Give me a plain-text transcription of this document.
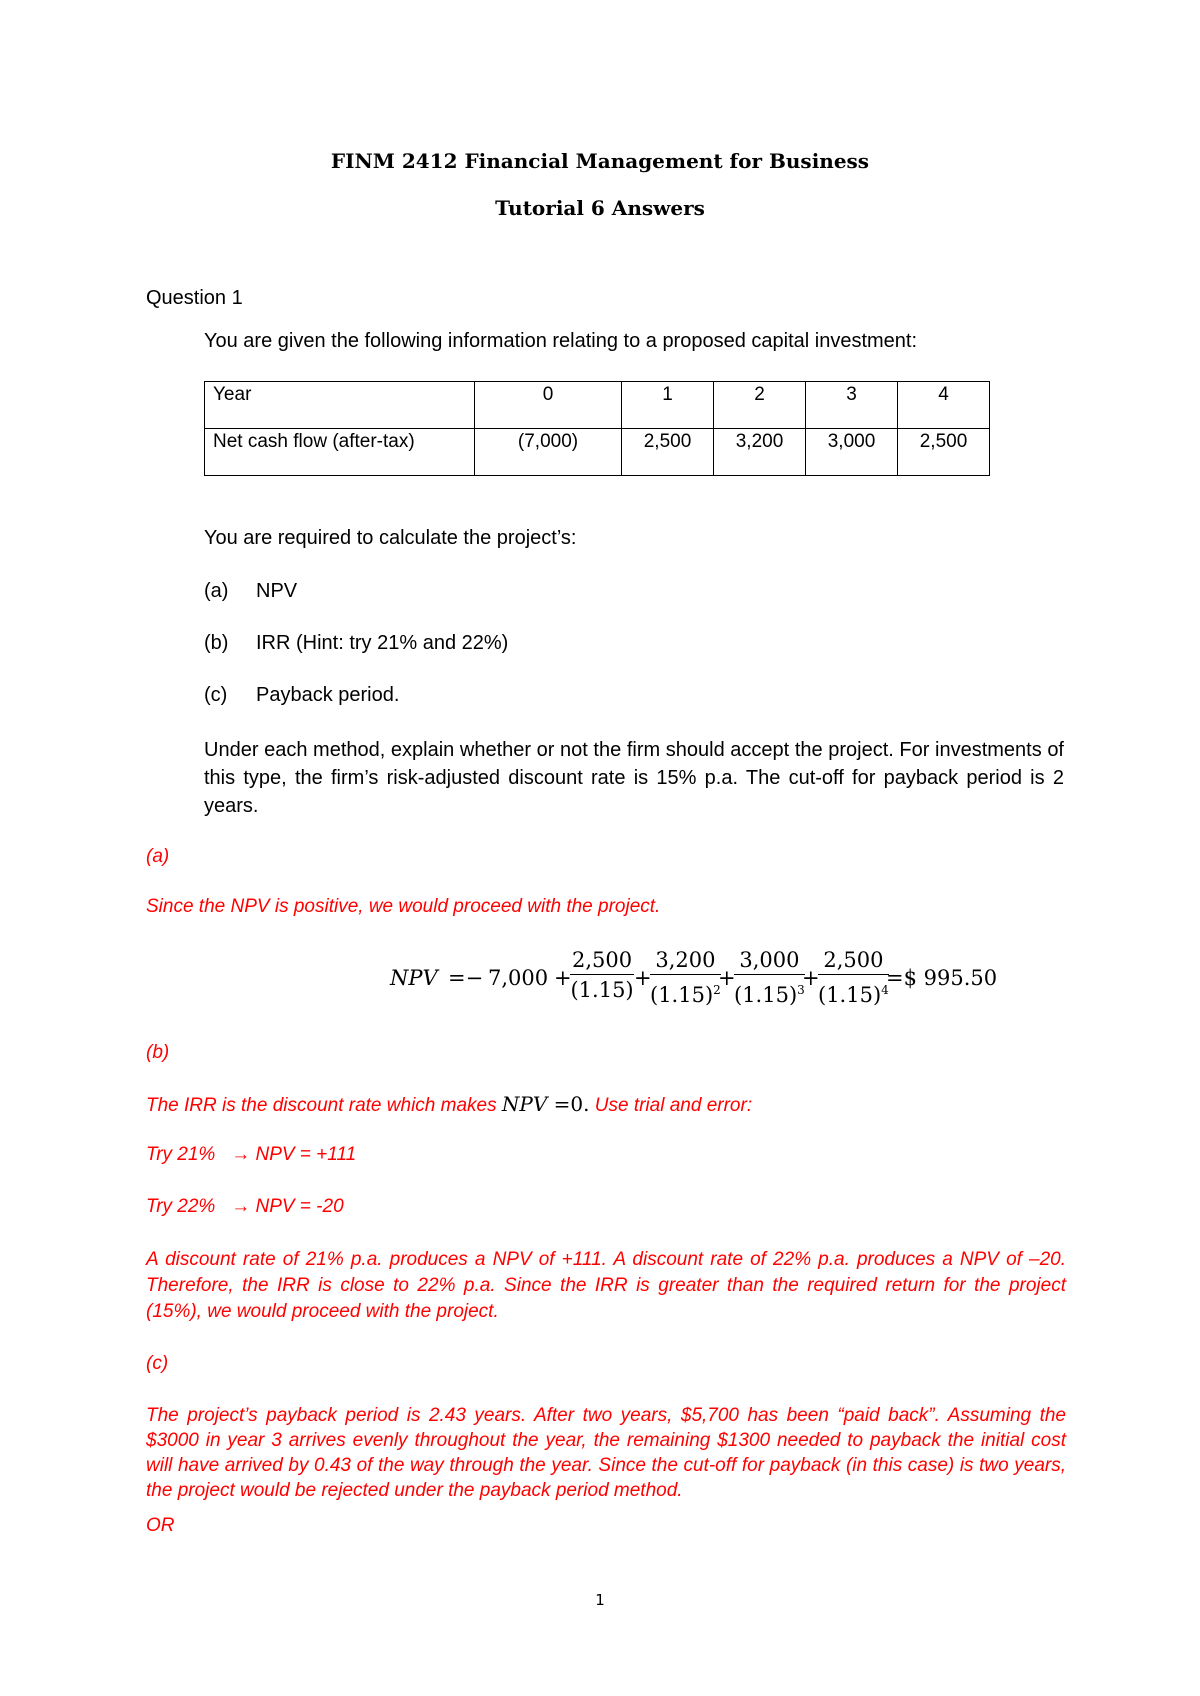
FINM 2412 Financial Management for Business
Tutorial 6 Answers
Question 1
You are given the following information relating to a proposed capital investment:
Year	0	1	2	3	4
Net cash flow (after-tax)	(7,000)	2,500	3,200	3,000	2,500
You are required to calculate the project’s:
(a) NPV
(b) IRR (Hint: try 21% and 22%)
(c) Payback period.
Under each method, explain whether or not the firm should accept the project. For investments of this type, the firm’s risk-adjusted discount rate is 15% p.a. The cut-off for payback period is 2 years.
(a)
Since the NPV is positive, we would proceed with the project.
NPV =− 7,000 +
$\frac{2,500}{(1.15)}$ +
$\frac{3,200}{(1.15)^2}$
+
$\frac{3,000}{(1.15)^3}$
+
$\frac{2,500}{(1.15)^4}$
=$ 995.50
(b)
The IRR is the discount rate which makes NPV =0. Use trial and error:
Try 21% → NPV = +111
Try 22% → NPV = -20
A discount rate of 21% p.a. produces a NPV of +111. A discount rate of 22% p.a. produces a NPV of –20. Therefore, the IRR is close to 22% p.a. Since the IRR is greater than the required return for the project (15%), we would proceed with the project.
(c)
The project’s payback period is 2.43 years. After two years, $5,700 has been “paid back”. Assuming the $3000 in year 3 arrives evenly throughout the year, the remaining $1300 needed to payback the initial cost will have arrived by 0.43 of the way through the year. Since the cut-off for payback (in this case) is two years, the project would be rejected under the payback period method.
OR
1
